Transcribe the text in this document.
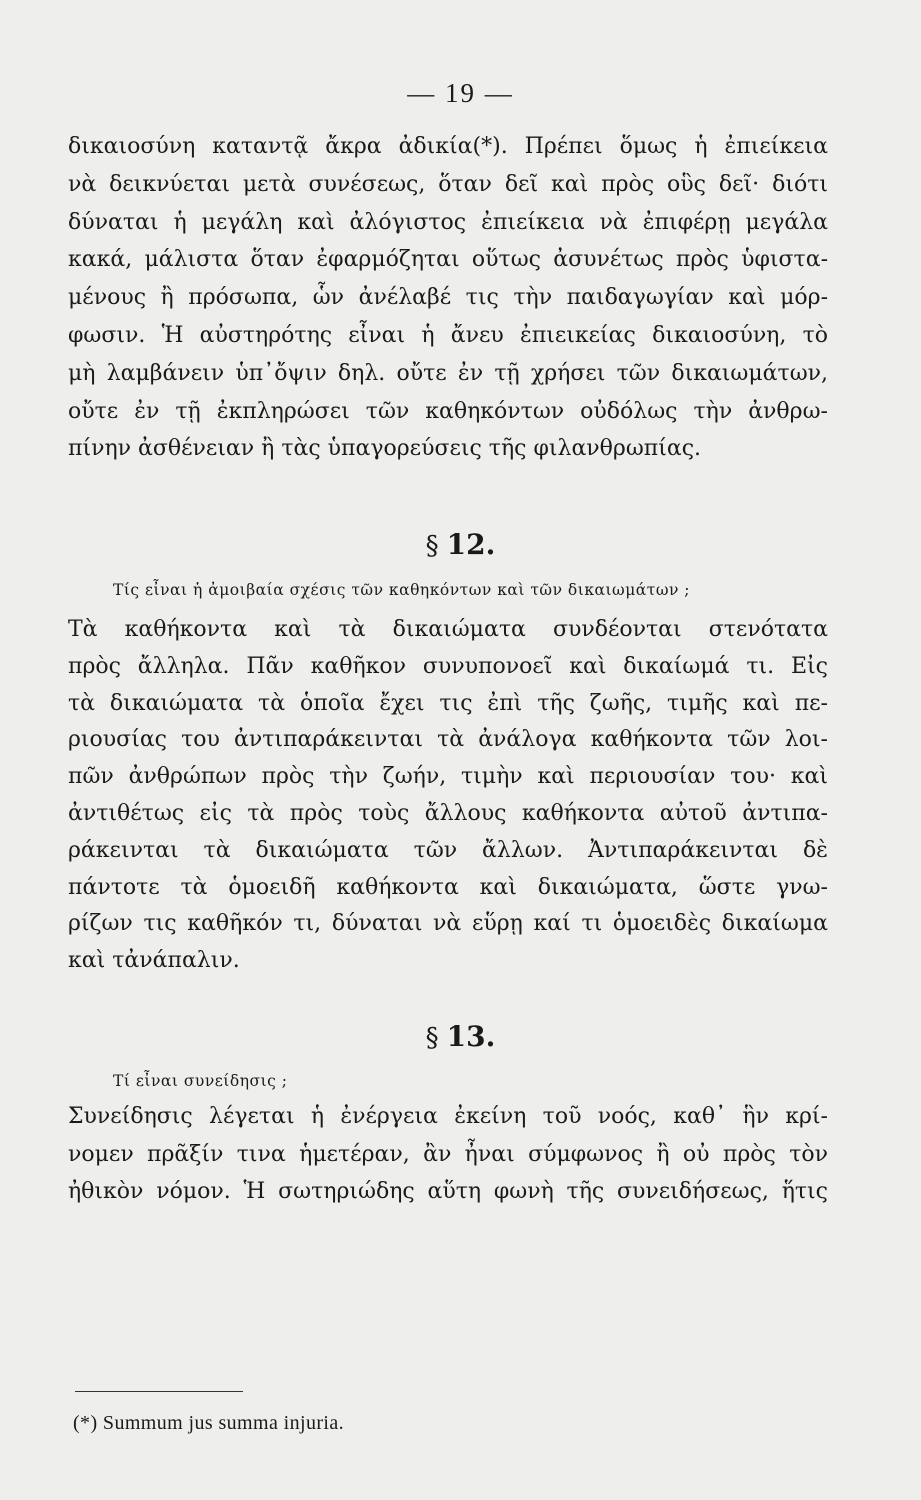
— 19 —
δικαιοσύνη καταντᾷ ἄκρα ἀδικία(*). Πρέπει ὅμως ἡ ἐπιείκεια
νὰ δεικνύεται μετὰ συνέσεως, ὅταν δεῖ καὶ πρὸς οὓς δεῖ· διότι
δύναται ἡ μεγάλη καὶ ἀλόγιστος ἐπιείκεια νὰ ἐπιφέρῃ μεγάλα
κακά, μάλιστα ὅταν ἐφαρμόζηται οὕτως ἀσυνέτως πρὸς ὑφιστα-
μένους ἢ πρόσωπα, ὧν ἀνέλαβέ τις τὴν παιδαγωγίαν καὶ μόρ-
φωσιν. Ἡ αὐστηρότης εἶναι ἡ ἄνευ ἐπιεικείας δικαιοσύνη, τὸ
μὴ λαμβάνειν ὑπ᾽ὄψιν δηλ. οὔτε ἐν τῇ χρήσει τῶν δικαιωμάτων,
οὔτε ἐν τῇ ἐκπληρώσει τῶν καθηκόντων οὐδόλως τὴν ἀνθρω-
πίνην ἀσθένειαν ἢ τὰς ὑπαγορεύσεις τῆς φιλανθρωπίας.
§ 12.
Τίς εἶναι ἡ ἀμοιβαία σχέσις τῶν καθηκόντων καὶ τῶν δικαιωμάτων ;
Τὰ καθήκοντα καὶ τὰ δικαιώματα συνδέονται στενότατα
πρὸς ἄλληλα. Πᾶν καθῆκον συνυπονοεῖ καὶ δικαίωμά τι. Εἰς
τὰ δικαιώματα τὰ ὁποῖα ἔχει τις ἐπὶ τῆς ζωῆς, τιμῆς καὶ πε-
ριουσίας του ἀντιπαράκεινται τὰ ἀνάλογα καθήκοντα τῶν λοι-
πῶν ἀνθρώπων πρὸς τὴν ζωήν, τιμὴν καὶ περιουσίαν του· καὶ
ἀντιθέτως εἰς τὰ πρὸς τοὺς ἄλλους καθήκοντα αὐτοῦ ἀντιπα-
ράκεινται τὰ δικαιώματα τῶν ἄλλων. Ἀντιπαράκεινται δὲ
πάντοτε τὰ ὁμοειδῆ καθήκοντα καὶ δικαιώματα, ὥστε γνω-
ρίζων τις καθῆκόν τι, δύναται νὰ εὕρῃ καί τι ὁμοειδὲς δικαίωμα
καὶ τἀνάπαλιν.
§ 13.
Τί εἶναι συνείδησις ;
Συνείδησις λέγεται ἡ ἐνέργεια ἐκείνη τοῦ νοός, καθ᾽ ἣν κρί-
νομεν πρᾶξίν τινα ἡμετέραν, ἂν ἦναι σύμφωνος ἢ οὐ πρὸς τὸν
ἠθικὸν νόμον. Ἡ σωτηριώδης αὕτη φωνὴ τῆς συνειδήσεως, ἥτις
(*) Summum jus summa injuria.
